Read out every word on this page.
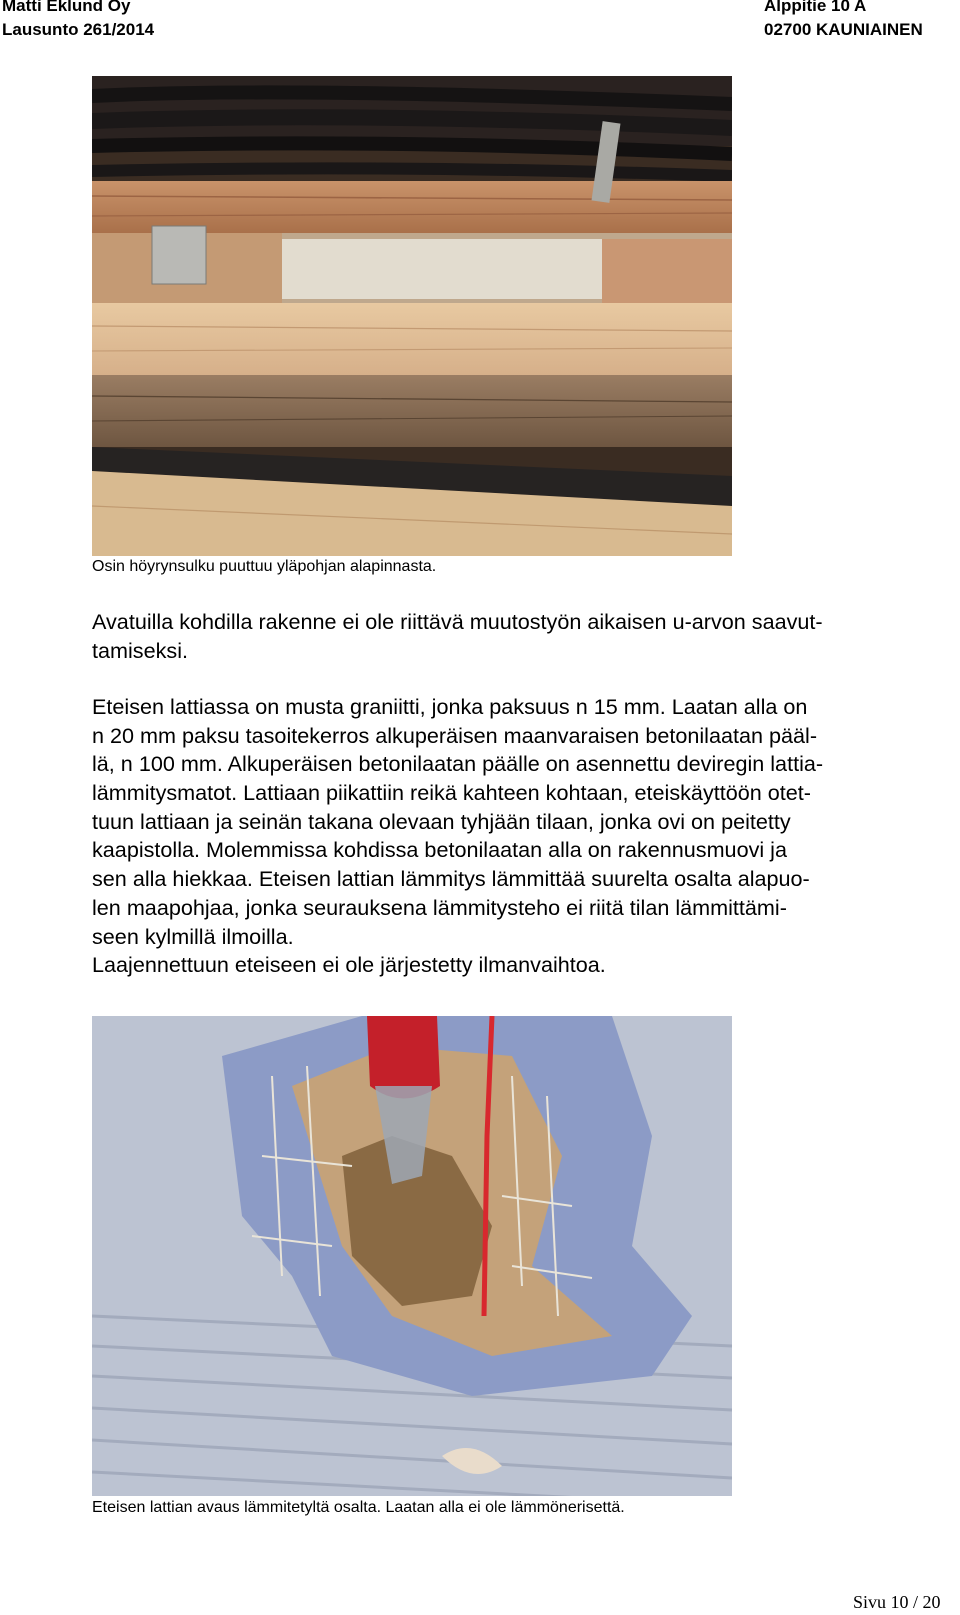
Matti Eklund Oy
Lausunto 261/2014
Alppitie 10 A
02700 KAUNIAINEN
Osin höyrynsulku puuttuu yläpohjan alapinnasta.
Avatuilla kohdilla rakenne ei ole riittävä muutostyön aikaisen u-arvon saavut-
tamiseksi.
Eteisen lattiassa on musta graniitti, jonka paksuus n 15 mm. Laatan alla on
n 20 mm paksu tasoitekerros alkuperäisen maanvaraisen betonilaatan pääl-
lä, n 100 mm. Alkuperäisen betonilaatan päälle on asennettu deviregin lattia-
lämmitysmatot. Lattiaan piikattiin reikä kahteen kohtaan, eteiskäyttöön otet-
tuun lattiaan ja seinän takana olevaan tyhjään tilaan, jonka ovi on peitetty
kaapistolla. Molemmissa kohdissa betonilaatan alla on rakennusmuovi ja
sen alla hiekkaa. Eteisen lattian lämmitys lämmittää suurelta osalta alapuo-
len maapohjaa, jonka seurauksena lämmitysteho ei riitä tilan lämmittämi-
seen kylmillä ilmoilla.
Laajennettuun eteiseen ei ole järjestetty ilmanvaihtoa.
Eteisen lattian avaus lämmitetyltä osalta. Laatan alla ei ole lämmönerisettä.
Sivu 10 / 20
